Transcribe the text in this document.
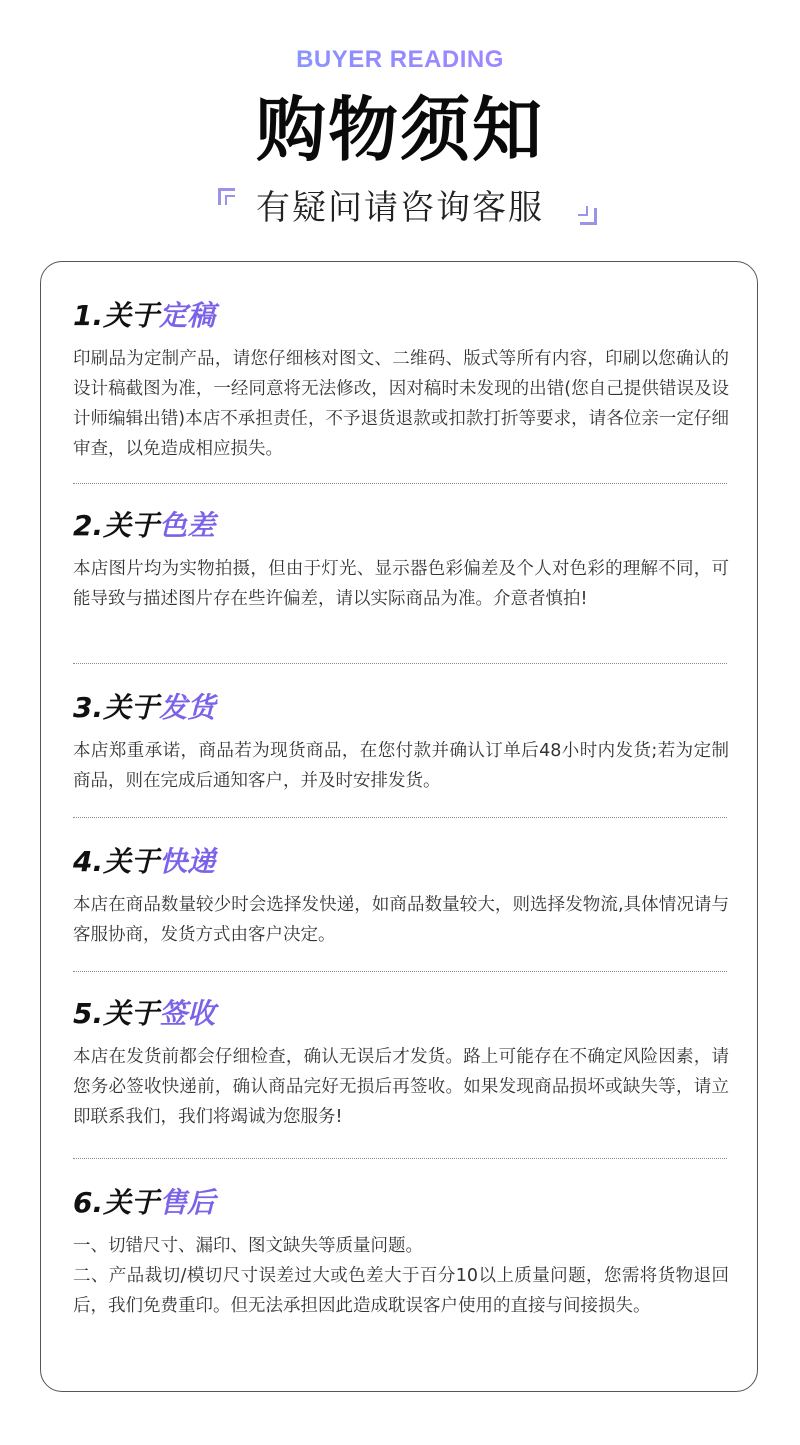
BUYER READING
购物须知
有疑问请咨询客服
1.关于定稿

印刷品为定制产品，请您仔细核对图文、二维码、版式等所有内容，印刷以您确认的设计稿截图为准，一经同意将无法修改，因对稿时未发现的出错(您自己提供错误及设计师编辑出错)本店不承担责任，不予退货退款或扣款打折等要求，请各位亲一定仔细审查，以免造成相应损失。

2.关于色差

本店图片均为实物拍摄，但由于灯光、显示器色彩偏差及个人对色彩的理解不同，可能导致与描述图片存在些许偏差，请以实际商品为准。介意者慎拍!

3.关于发货

本店郑重承诺，商品若为现货商品，在您付款并确认订单后48小时内发货;若为定制商品，则在完成后通知客户，并及时安排发货。

4.关于快递

本店在商品数量较少时会选择发快递，如商品数量较大，则选择发物流,具体情况请与客服协商，发货方式由客户决定。

5.关于签收

本店在发货前都会仔细检查，确认无误后才发货。路上可能存在不确定风险因素，请您务必签收快递前，确认商品完好无损后再签收。如果发现商品损坏或缺失等，请立即联系我们，我们将竭诚为您服务!

6.关于售后

一、切错尺寸、漏印、图文缺失等质量问题。

二、产品裁切/模切尺寸误差过大或色差大于百分10以上质量问题，您需将货物退回后，我们免费重印。但无法承担因此造成耽误客户使用的直接与间接损失。
